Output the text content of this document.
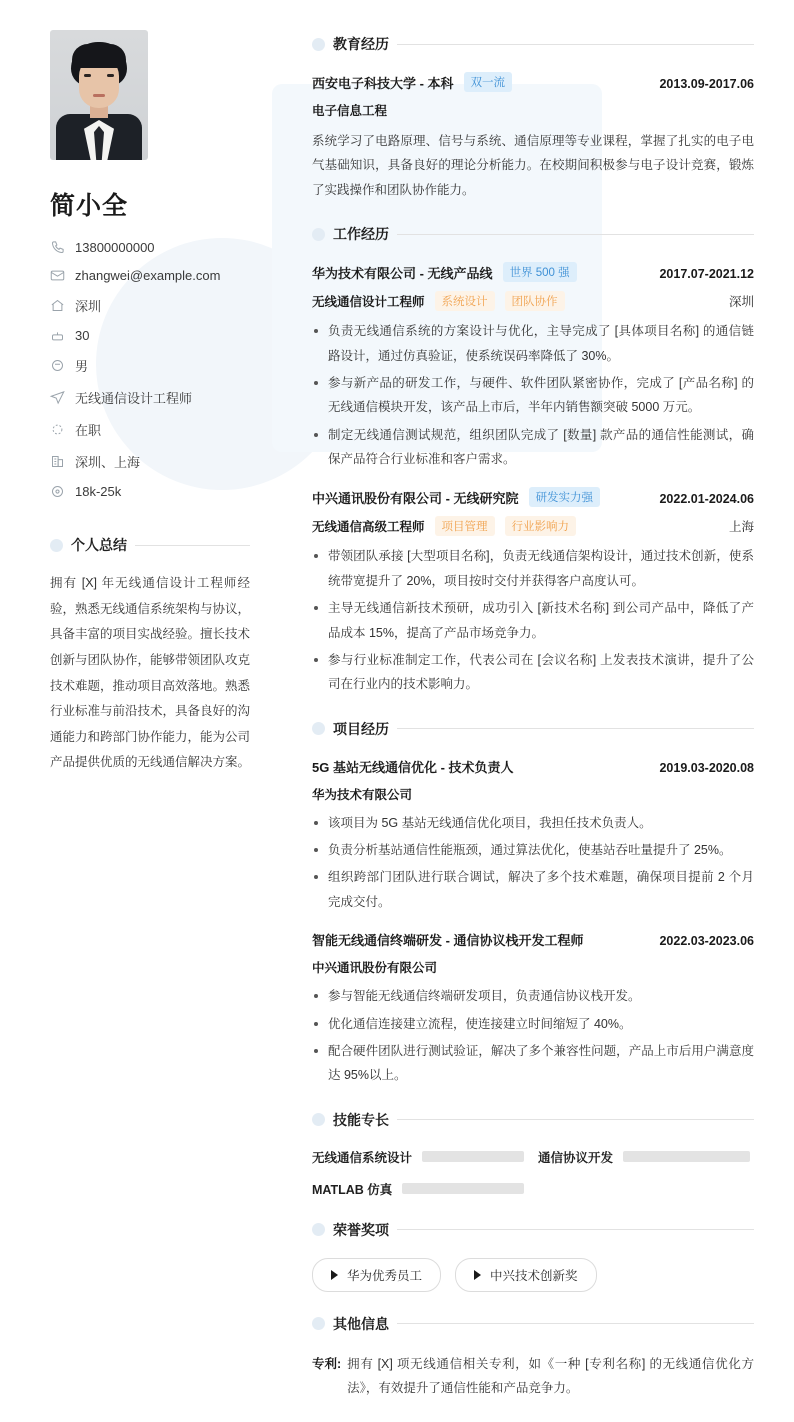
简小全
13800000000
zhangwei@example.com
深圳
30
男
无线通信设计工程师
在职
深圳、上海
18k-25k
个人总结

拥有 [X] 年无线通信设计工程师经验，熟悉无线通信系统架构与协议，具备丰富的项目实战经验。擅长技术创新与团队协作，能够带领团队攻克技术难题，推动项目高效落地。熟悉行业标准与前沿技术，具备良好的沟通能力和跨部门协作能力，能为公司产品提供优质的无线通信解决方案。

教育经历
西安电子科技大学 - 本科	双一流	2013.09-2017.06
电子信息工程

系统学习了电路原理、信号与系统、通信原理等专业课程，掌握了扎实的电子电气基础知识，具备良好的理论分析能力。在校期间积极参与电子设计竞赛，锻炼了实践操作和团队协作能力。

工作经历
华为技术有限公司 - 无线产品线	世界 500 强	2017.07-2021.12
无线通信设计工程师	系统设计	团队协作	深圳
负责无线通信系统的方案设计与优化，主导完成了 [具体项目名称] 的通信链路设计，通过仿真验证，使系统误码率降低了 30%。
参与新产品的研发工作，与硬件、软件团队紧密协作，完成了 [产品名称] 的无线通信模块开发，该产品上市后，半年内销售额突破 5000 万元。
制定无线通信测试规范，组织团队完成了 [数量] 款产品的通信性能测试，确保产品符合行业标准和客户需求。
中兴通讯股份有限公司 - 无线研究院	研发实力强	2022.01-2024.06
无线通信高级工程师	项目管理	行业影响力	上海
带领团队承接 [大型项目名称]，负责无线通信架构设计，通过技术创新，使系统带宽提升了 20%，项目按时交付并获得客户高度认可。
主导无线通信新技术预研，成功引入 [新技术名称] 到公司产品中，降低了产品成本 15%，提高了产品市场竞争力。
参与行业标准制定工作，代表公司在 [会议名称] 上发表技术演讲，提升了公司在行业内的技术影响力。
项目经历
5G 基站无线通信优化 - 技术负责人	2019.03-2020.08
华为技术有限公司
该项目为 5G 基站无线通信优化项目，我担任技术负责人。
负责分析基站通信性能瓶颈，通过算法优化，使基站吞吐量提升了 25%。
组织跨部门团队进行联合调试，解决了多个技术难题，确保项目提前 2 个月完成交付。
智能无线通信终端研发 - 通信协议栈开发工程师	2022.03-2023.06
中兴通讯股份有限公司
参与智能无线通信终端研发项目，负责通信协议栈开发。
优化通信连接建立流程，使连接建立时间缩短了 40%。
配合硬件团队进行测试验证，解决了多个兼容性问题，产品上市后用户满意度达 95%以上。
技能专长
无线通信系统设计	通信协议开发
MATLAB 仿真
荣誉奖项
华为优秀员工	中兴技术创新奖
其他信息
专利: 拥有 [X] 项无线通信相关专利，如《一种 [专利名称] 的无线通信优化方法》，有效提升了通信性能和产品竞争力。
